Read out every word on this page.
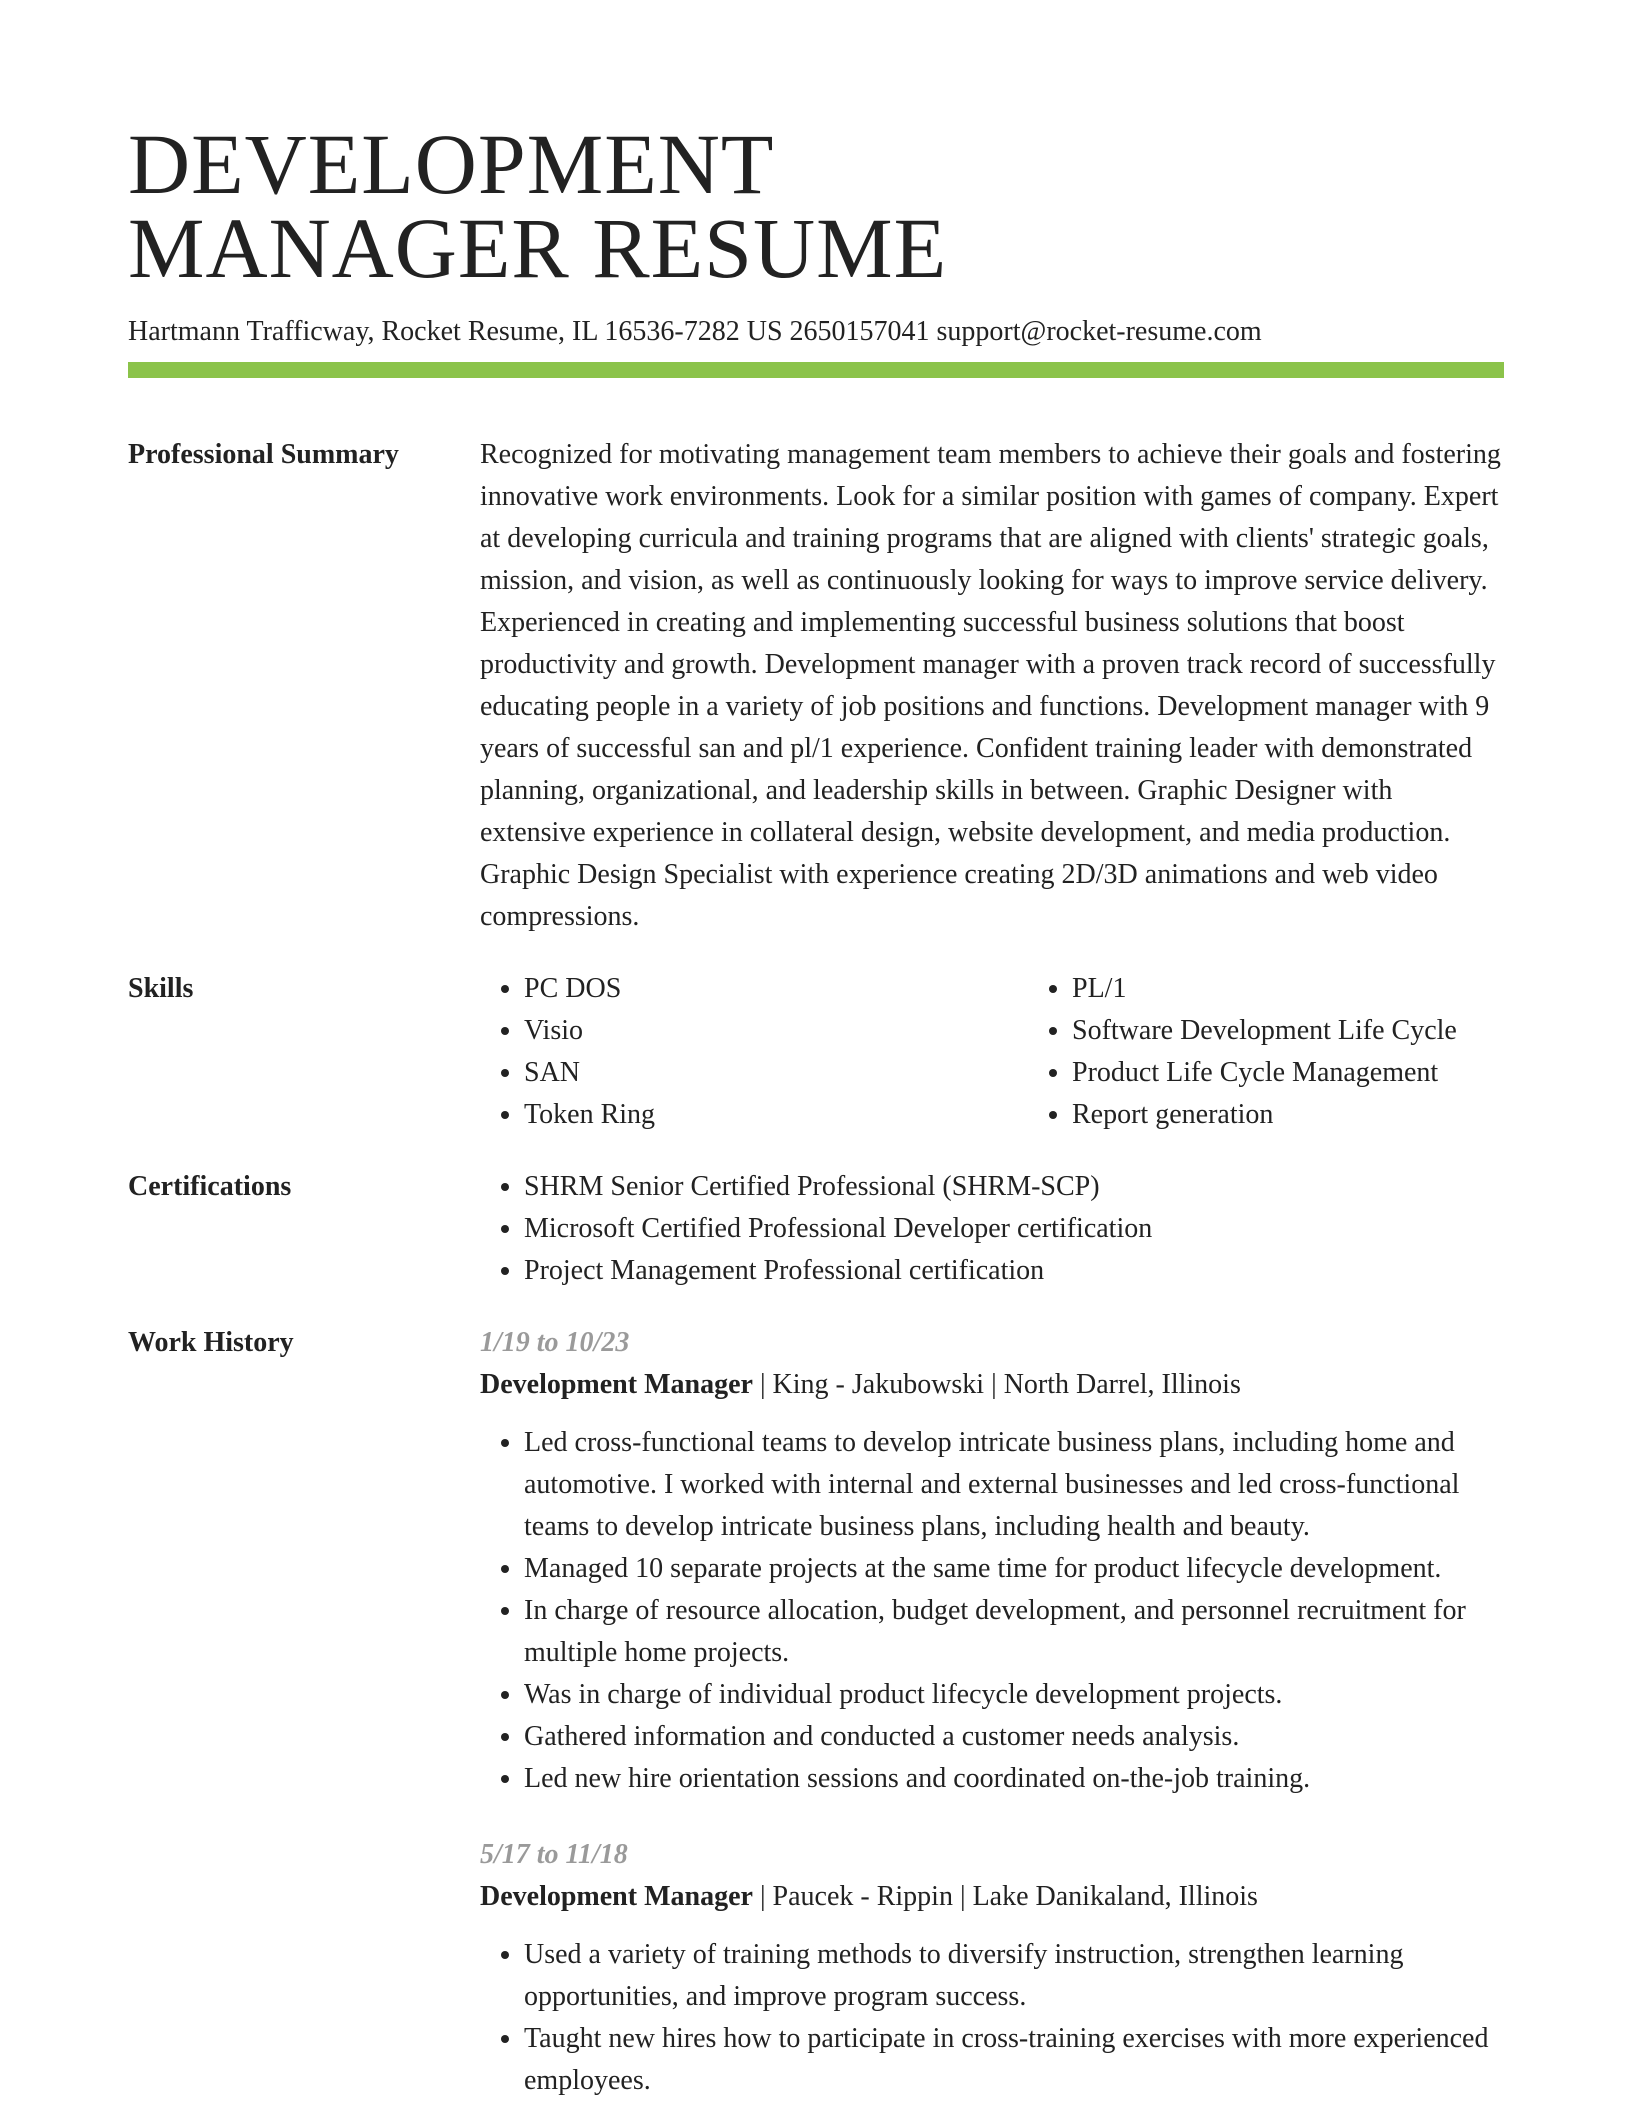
DEVELOPMENT
MANAGER RESUME
Hartmann Trafficway, Rocket Resume, IL 16536-7282 US 2650157041 support@rocket-resume.com
Professional Summary	Recognized for motivating management team members to achieve their goals and fostering innovative work environments. Look for a similar position with games of company. Expert at developing curricula and training programs that are aligned with clients' strategic goals, mission, and vision, as well as continuously looking for ways to improve service delivery. Experienced in creating and implementing successful business solutions that boost productivity and growth. Development manager with a proven track record of successfully educating people in a variety of job positions and functions. Development manager with 9 years of successful san and pl/1 experience. Confident training leader with demonstrated planning, organizational, and leadership skills in between. Graphic Designer with extensive experience in collateral design, website development, and media production. Graphic Design Specialist with experience creating 2D/3D animations and web video compressions.

Skills	• PC DOS
• Visio
• SAN
• Token Ring
• PL/1
• Software Development Life Cycle
• Product Life Cycle Management
• Report generation
Certifications	• SHRM Senior Certified Professional (SHRM-SCP)
• Microsoft Certified Professional Developer certification
• Project Management Professional certification
Work History	1/19 to 10/23
Development Manager | King - Jakubowski | North Darrel, Illinois
• Led cross-functional teams to develop intricate business plans, including home and automotive. I worked with internal and external businesses and led cross-functional teams to develop intricate business plans, including health and beauty.
• Managed 10 separate projects at the same time for product lifecycle development.
• In charge of resource allocation, budget development, and personnel recruitment for multiple home projects.
• Was in charge of individual product lifecycle development projects.
• Gathered information and conducted a customer needs analysis.
• Led new hire orientation sessions and coordinated on-the-job training.
5/17 to 11/18
Development Manager | Paucek - Rippin | Lake Danikaland, Illinois
• Used a variety of training methods to diversify instruction, strengthen learning opportunities, and improve program success.
• Taught new hires how to participate in cross-training exercises with more experienced employees.
